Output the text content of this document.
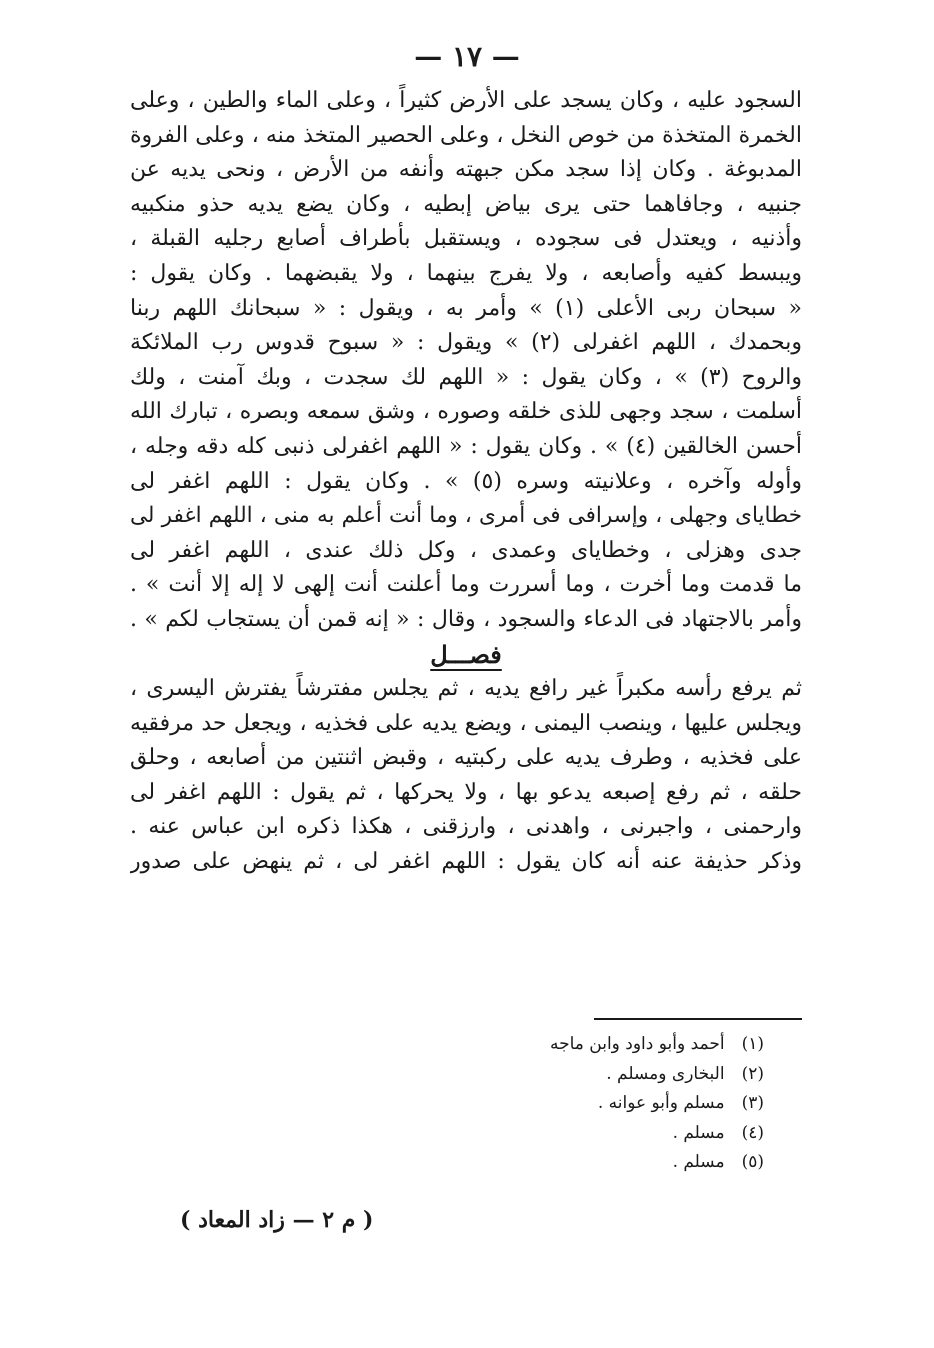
— ١٧ —
السجود عليه ، وكان يسجد على الأرض كثيراً ، وعلى الماء والطين ، وعلى
الخمرة المتخذة من خوص النخل ، وعلى الحصير المتخذ منه ، وعلى الفروة
المدبوغة . وكان إذا سجد مكن جبهته وأنفه من الأرض ، ونحى يديه عن
جنبيه ، وجافاهما حتى يرى بياض إبطيه ، وكان يضع يديه حذو منكبيه
وأذنيه ، ويعتدل فى سجوده ، ويستقبل بأطراف أصابع رجليه القبلة ،
ويبسط كفيه وأصابعه ، ولا يفرج بينهما ، ولا يقبضهما . وكان يقول :
« سبحان ربى الأعلى (١) » وأمر به ، ويقول : « سبحانك اللهم ربنا
وبحمدك ، اللهم اغفرلى (٢) » ويقول : « سبوح قدوس رب الملائكة
والروح (٣) » ، وكان يقول : « اللهم لك سجدت ، وبك آمنت ، ولك
أسلمت ، سجد وجهى للذى خلقه وصوره ، وشق سمعه وبصره ، تبارك الله
أحسن الخالقين (٤) » . وكان يقول : « اللهم اغفرلى ذنبى كله دقه وجله ،
وأوله وآخره ، وعلانيته وسره (٥) » . وكان يقول : اللهم اغفر لى
خطاياى وجهلى ، وإسرافى فى أمرى ، وما أنت أعلم به منى ، اللهم اغفر لى
جدى وهزلى ، وخطاياى وعمدى ، وكل ذلك عندى ، اللهم اغفر لى
ما قدمت وما أخرت ، وما أسررت وما أعلنت أنت إلهى لا إله إلا أنت » .
وأمر بالاجتهاد فى الدعاء والسجود ، وقال : « إنه قمن أن يستجاب لكم » .
فصـــل
ثم يرفع رأسه مكبراً غير رافع يديه ، ثم يجلس مفترشاً يفترش اليسرى ،
ويجلس عليها ، وينصب اليمنى ، ويضع يديه على فخذيه ، ويجعل حد مرفقيه
على فخذيه ، وطرف يديه على ركبتيه ، وقبض اثنتين من أصابعه ، وحلق
حلقه ، ثم رفع إصبعه يدعو بها ، ولا يحركها ، ثم يقول : اللهم اغفر لى
وارحمنى ، واجبرنى ، واهدنى ، وارزقنى ، هكذا ذكره ابن عباس عنه .
وذكر حذيفة عنه أنه كان يقول : اللهم اغفر لى ، ثم ينهض على صدور
(١) أحمد وأبو داود وابن ماجه
(٢) البخارى ومسلم .
(٣) مسلم وأبو عوانه .
(٤) مسلم .
(٥) مسلم .
( م ٢ — زاد المعاد )
